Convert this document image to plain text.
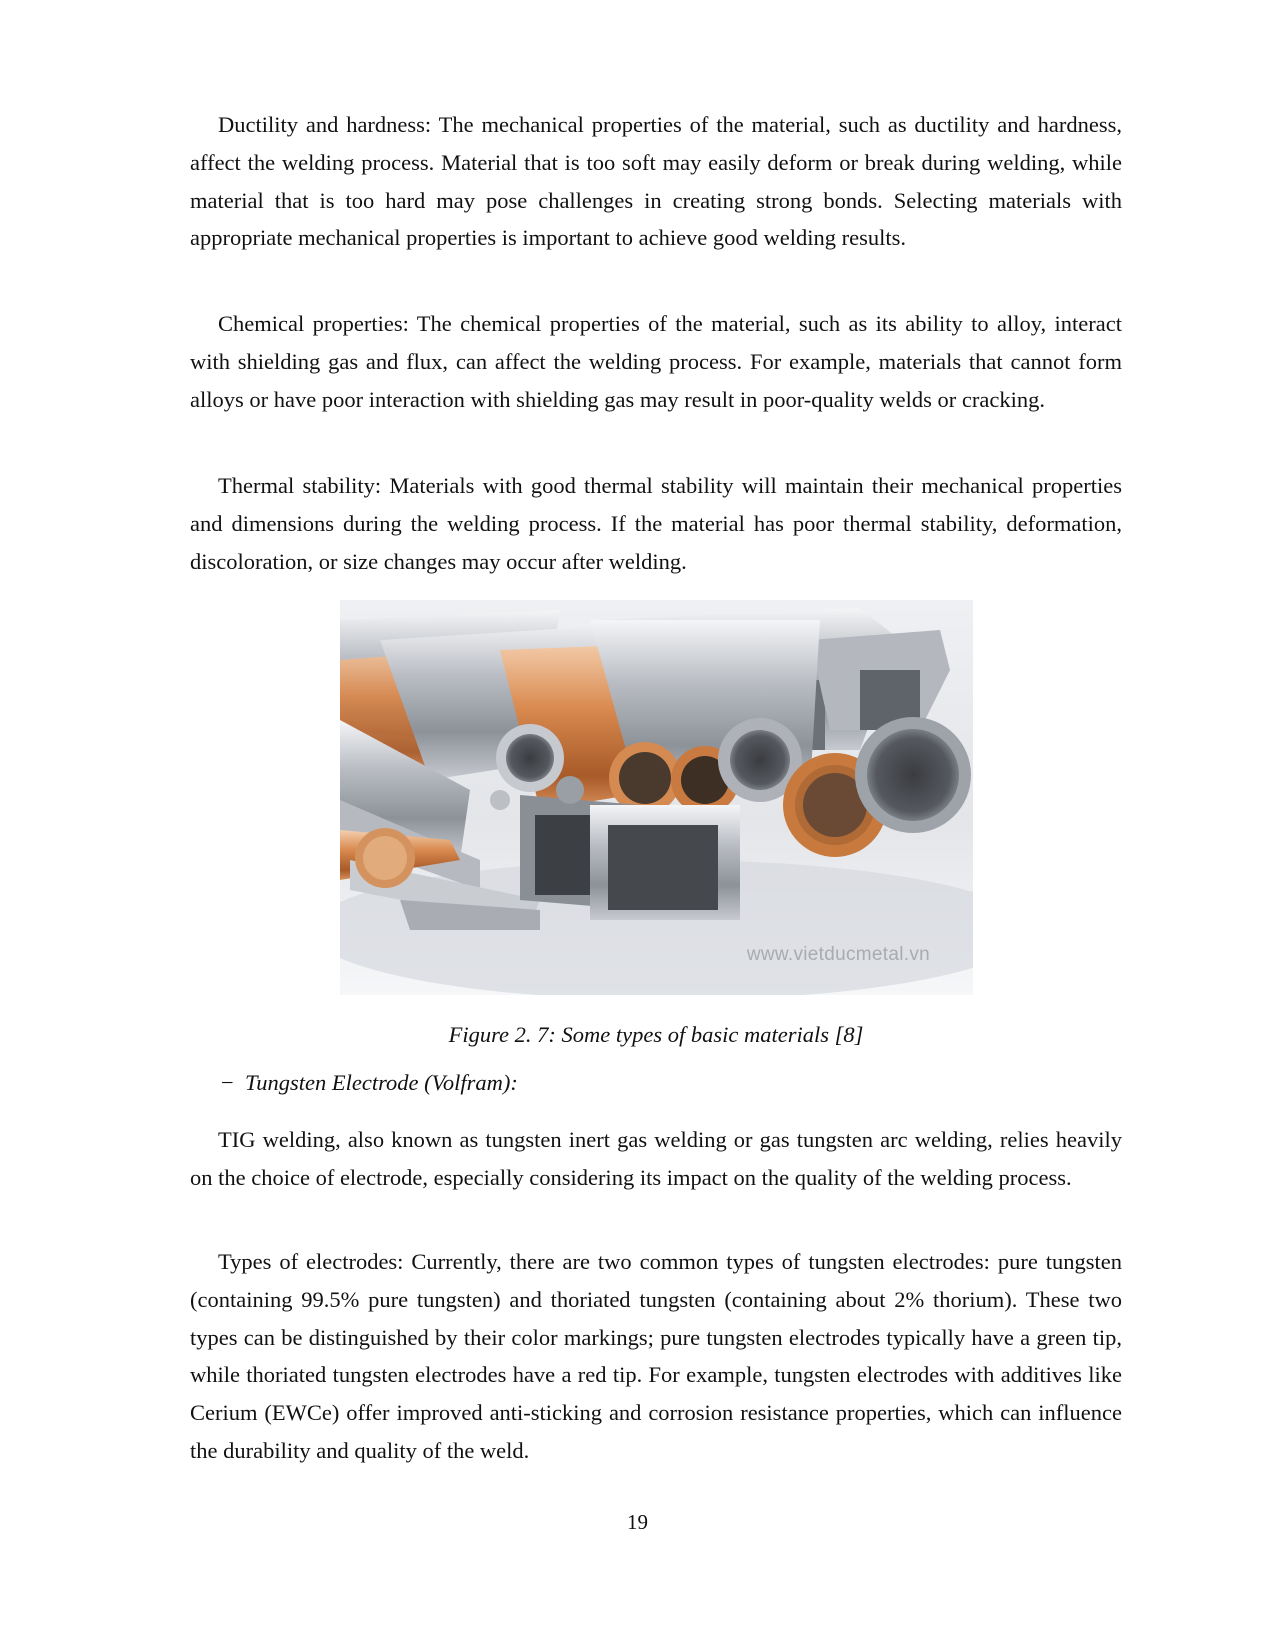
Ductility and hardness: The mechanical properties of the material, such as ductility and hardness, affect the welding process. Material that is too soft may easily deform or break during welding, while material that is too hard may pose challenges in creating strong bonds. Selecting materials with appropriate mechanical properties is important to achieve good welding results.

Chemical properties: The chemical properties of the material, such as its ability to alloy, interact with shielding gas and flux, can affect the welding process. For example, materials that cannot form alloys or have poor interaction with shielding gas may result in poor-quality welds or cracking.

Thermal stability: Materials with good thermal stability will maintain their mechanical properties and dimensions during the welding process. If the material has poor thermal stability, deformation, discoloration, or size changes may occur after welding.

www.vietducmetal.vn
Figure 2. 7: Some types of basic materials [8]
− Tungsten Electrode (Volfram):

TIG welding, also known as tungsten inert gas welding or gas tungsten arc welding, relies heavily on the choice of electrode, especially considering its impact on the quality of the welding process.

Types of electrodes: Currently, there are two common types of tungsten electrodes: pure tungsten (containing 99.5% pure tungsten) and thoriated tungsten (containing about 2% thorium). These two types can be distinguished by their color markings; pure tungsten electrodes typically have a green tip, while thoriated tungsten electrodes have a red tip. For example, tungsten electrodes with additives like Cerium (EWCe) offer improved anti-sticking and corrosion resistance properties, which can influence the durability and quality of the weld.

19
